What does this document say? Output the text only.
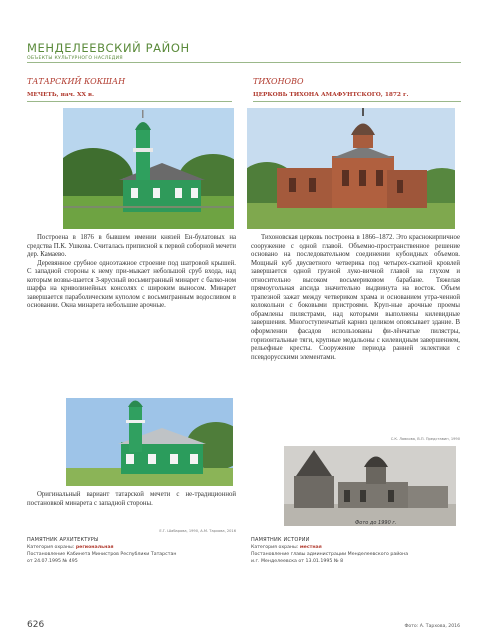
МЕНДЕЛЕЕВСКИЙ РАЙОН
ОБЪЕКТЫ КУЛЬТУРНОГО НАСЛЕДИЯ
ТАТАРСКИЙ КОКШАН
МЕЧЕТЬ, нач. ХХ в.
ТИХОНОВО
ЦЕРКОВЬ ТИХОНА АМАФУНТСКОГО, 1872 г.

Построена в 1876 в бывшем имении князей Ен-булатовых на средства П.К. Ушкова. Считалась приписной к первой соборной мечети дер. Камаево.

Деревянное срубное одноэтажное строение под шатровой крышей. С западной стороны к нему при-мыкает небольшой сруб входа, над которым возвы-шается 3-ярусный восьмигранный минарет с балко-ном шарфа на криволинейных консолях с широким выносом. Минарет завершается параболическим куполом с восьмигранным водосливом в основании. Окна минарета небольшие арочные.

Тихоновская церковь построена в 1866–1872. Это краснокирпичное сооружение с одной главой. Объемно-пространственное решение основано на последовательном соединении кубоидных объемов. Мощный куб двусветного четверика под четырех-скатной кровлей завершается одной грузной луко-вичной главой на глухом и относительно высоком восьмериковом барабане. Тяжелая прямоугольная апсида значительно выдвинута на восток. Объем трапезной зажат между четвериком храма и основанием утра-ченной колокольни с боковыми пристроями. Круп-ные арочные проемы обрамлены пилястрами, над которыми выполнены килевидные завершения. Многоступенчатый карниз целиком опоясывает здание. В оформлении фасадов использованы фи-лёнчатые пилястры, горизонтальные тяги, крупные медальоны с килевидным завершением, рельефные кресты. Сооружение периода ранней эклектики с псевдорусскими элементами.

С.К. Лавкова, В.П. Представин, 1990
Фото до 1990 г.

Оригинальный вариант татарской мечети с не-традиционной постановкой минарета с западной стороны.

Е.Г. Шабарова, 1990, А.М. Тархова, 2016
ПАМЯТНИК АРХИТЕКТУРЫ
Категория охраны: региональная
Постановление Кабинета Министров Республики Татарстан
от 24.07.1995 № 495
ПАМЯТНИК ИСТОРИИ
Категория охраны: местная
Постановление главы администрации Менделеевского района
и.г. Менделеевска от 13.01.1995 № 8
626	Фото: А. Тархова, 2016
